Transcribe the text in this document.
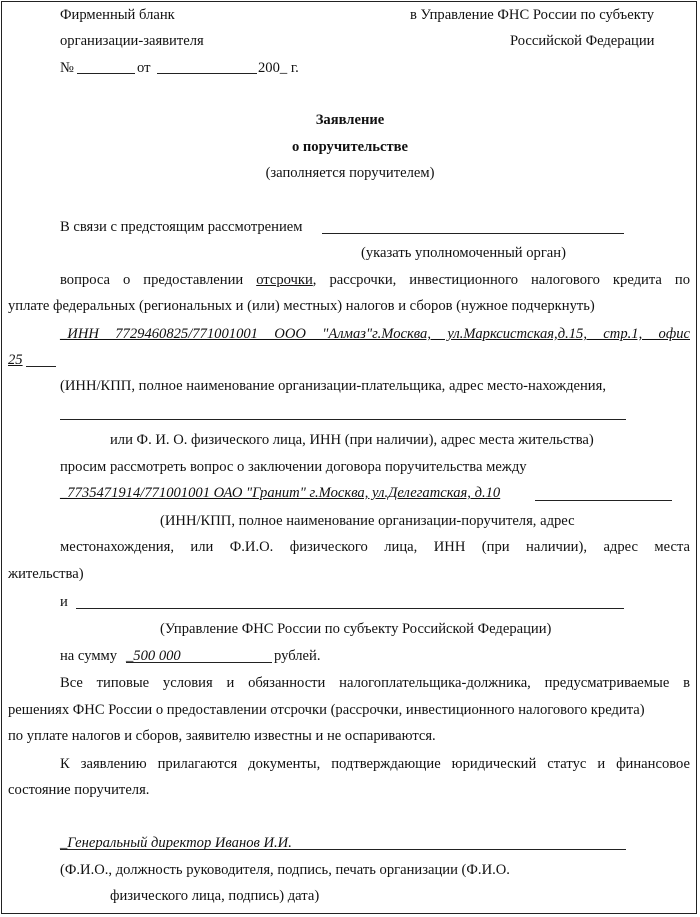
Фирменный бланк
организации-заявителя
№	от	200_ г.
в Управление ФНС России по субъекту
Российской Федерации
Заявление
о поручительстве
(заполняется поручителем)
В связи с предстоящим рассмотрением
(указать уполномоченный орган)
вопроса о предоставлении отсрочки, рассрочки, инвестиционного налогового кредита по
уплате федеральных (региональных и (или) местных) налогов и сборов (нужное подчеркнуть)
_ИНН 7729460825/771001001 ООО "Алмаз"г.Москва, ул.Марксистская,д.15, стр.1, офис
25
(ИНН/КПП, полное наименование организации-плательщика, адрес место-нахождения,
или Ф. И. О. физического лица, ИНН (при наличии), адрес места жительства)
просим рассмотреть вопрос о заключении договора поручительства между
_7735471914/771001001 ОАО "Гранит" г.Москва, ул.Делегатская, д.10
(ИНН/КПП, полное наименование организации-поручителя, адрес
местонахождения, или Ф.И.О. физического лица, ИНН (при наличии), адрес места
жительства)
и
(Управление ФНС России по субъекту Российской Федерации)
на сумму _500 000	рублей.
Все типовые условия и обязанности налогоплательщика-должника, предусматриваемые в
решениях ФНС России о предоставлении отсрочки (рассрочки, инвестиционного налогового кредита)
по уплате налогов и сборов, заявителю известны и не оспариваются.
К заявлению прилагаются документы, подтверждающие юридический статус и финансовое
состояние поручителя.
_Генеральный директор Иванов И.И.
(Ф.И.О., должность руководителя, подпись, печать организации (Ф.И.О.
физического лица, подпись) дата)
